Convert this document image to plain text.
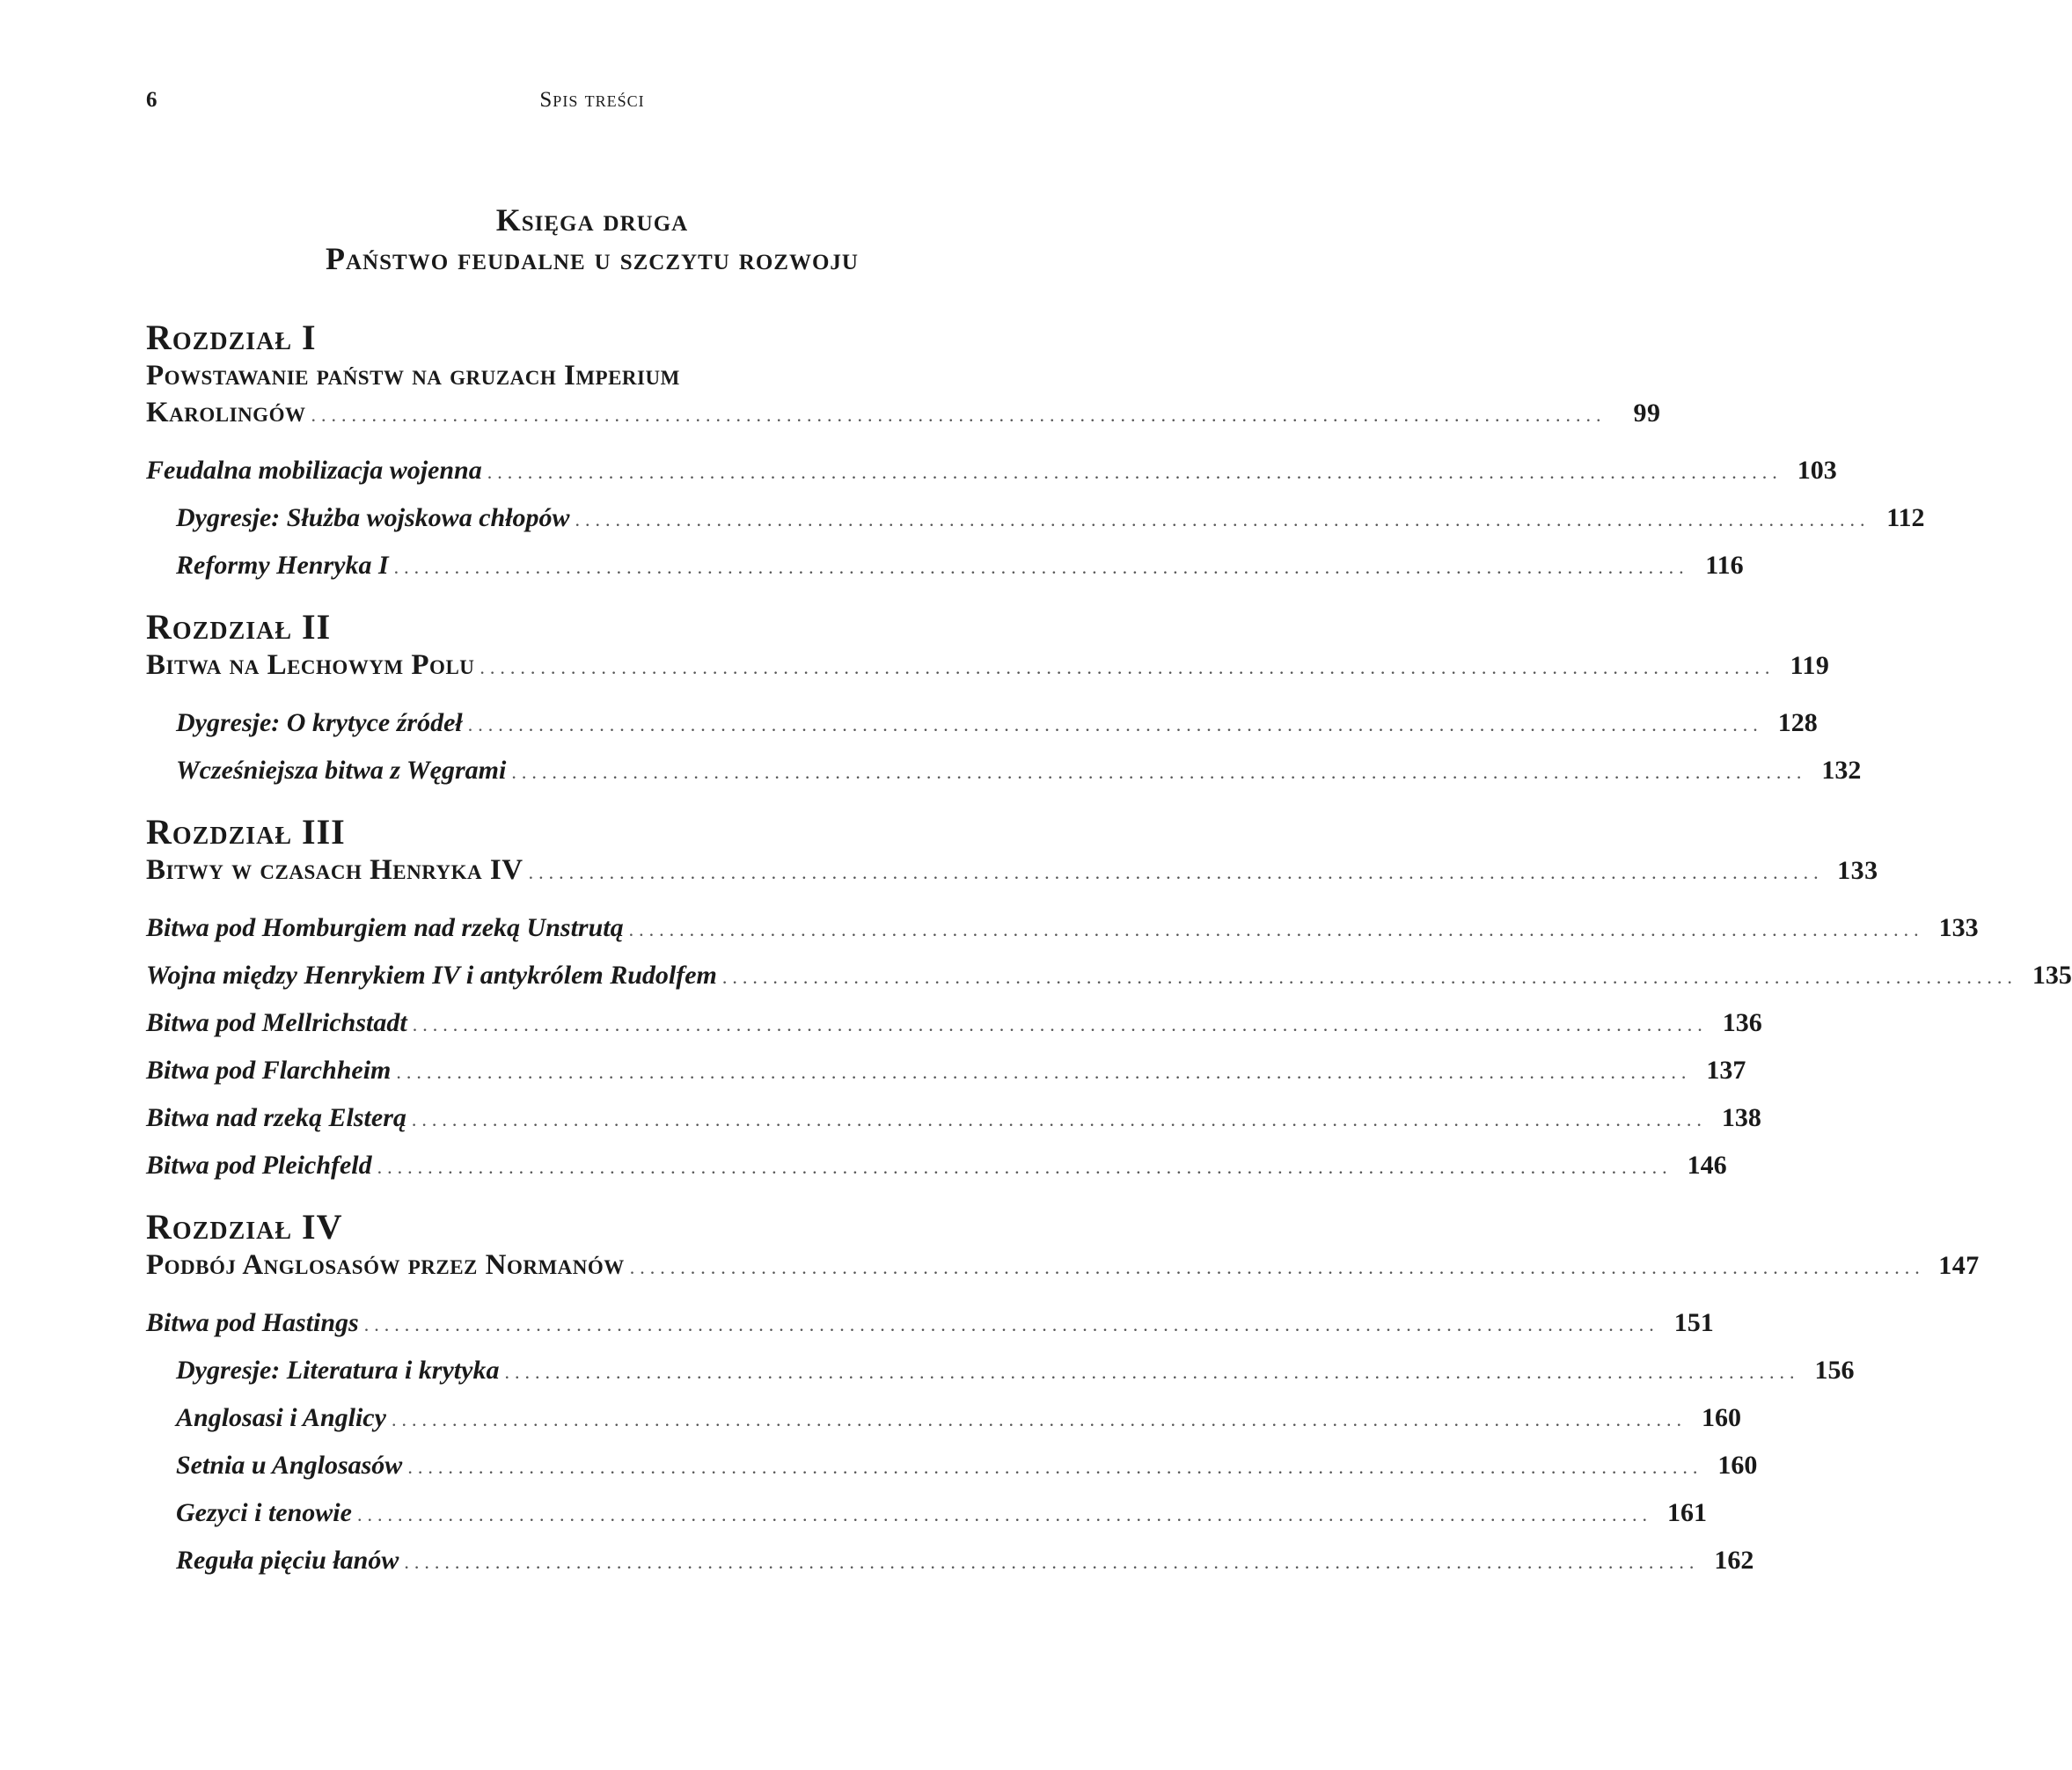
6	Spis treści
Księga druga
Państwo feudalne u szczytu rozwoju
Rozdział I
Powstawanie państw na gruzach Imperium
Karolingów ................................................................................................................................	99
Feudalna mobilizacja wojenna ................................................................................................................................ 103
Dygresje: Służba wojskowa chłopów ................................................................................................................................ 112
Reformy Henryka I ................................................................................................................................ 116
Rozdział II
Bitwa na Lechowym Polu ................................................................................................................................ 119
Dygresje: O krytyce źródeł ................................................................................................................................ 128
Wcześniejsza bitwa z Węgrami ................................................................................................................................ 132
Rozdział III
Bitwy w czasach Henryka IV ................................................................................................................................ 133
Bitwa pod Homburgiem nad rzeką Unstrutą ................................................................................................................................ 133
Wojna między Henrykiem IV i antykrólem Rudolfem ................................................................................................................................ 135
Bitwa pod Mellrichstadt ................................................................................................................................ 136
Bitwa pod Flarchheim ................................................................................................................................ 137
Bitwa nad rzeką Elsterą ................................................................................................................................ 138
Bitwa pod Pleichfeld ................................................................................................................................ 146
Rozdział IV
Podbój Anglosasów przez Normanów ................................................................................................................................ 147
Bitwa pod Hastings ................................................................................................................................ 151
Dygresje: Literatura i krytyka ................................................................................................................................ 156
Anglosasi i Anglicy ................................................................................................................................ 160
Setnia u Anglosasów ................................................................................................................................ 160
Gezyci i tenowie ................................................................................................................................ 161
Reguła pięciu łanów ................................................................................................................................ 162
